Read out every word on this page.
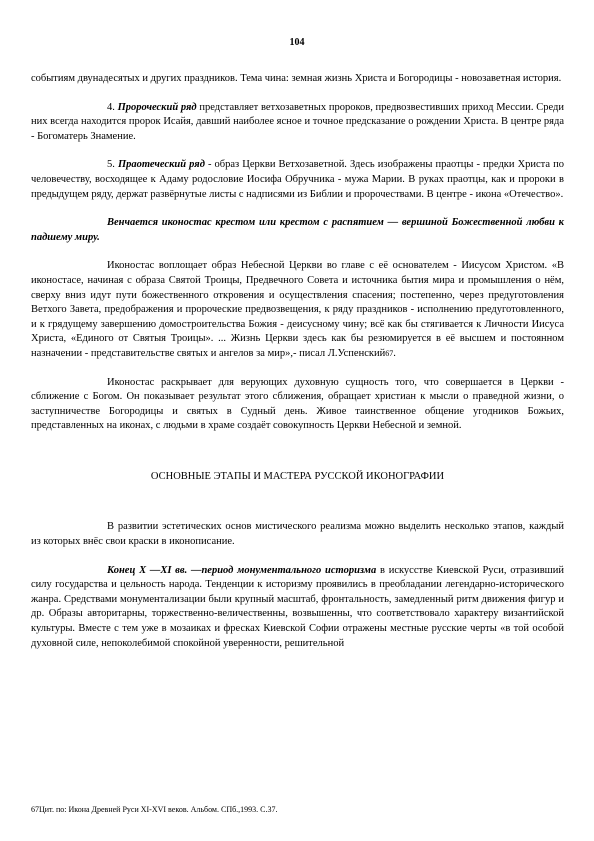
104

событиям двунадесятых и других праздников. Тема чина: земная жизнь Христа и Богородицы - новозаветная история.

4. Пророческий ряд представляет ветхозаветных пророков, предвозвестивших приход Мессии. Среди них всегда находится пророк Исайя, давший наиболее ясное и точное предсказание о рождении Христа. В центре ряда - Богоматерь Знамение.

5. Праотеческий ряд - образ Церкви Ветхозаветной. Здесь изображены праотцы - предки Христа по человечеству, восходящее к Адаму родословие Иосифа Обручника - мужа Марии. В руках праотцы, как и пророки в предыдущем ряду, держат развёрнутые листы с надписями из Библии и пророчествами. В центре - икона «Отечество».

Венчается иконостас крестом или крестом с распятием — вершиной Божественной любви к падшему миру.

Иконостас воплощает образ Небесной Церкви во главе с её основателем - Иисусом Христом. «В иконостасе, начиная с образа Святой Троицы, Предвечного Совета и источника бытия мира и промышления о нём, сверху вниз идут пути божественного откровения и осуществления спасения; постепенно, через предуготовления Ветхого Завета, предображения и пророческие предвозвещения, к ряду праздников - исполнению предуготовленного, и к грядущему завершению домостроительства Божия - деисусному чину; всё как бы стягивается к Личности Иисуса Христа, «Единого от Святыя Троицы». ... Жизнь Церкви здесь как бы резюмируется в её высшем и постоянном назначении - представительстве святых и ангелов за мир»,- писал Л.Успенский67.

Иконостас раскрывает для верующих духовную сущность того, что совершается в Церкви - сближение с Богом. Он показывает результат этого сближения, обращает христиан к мысли о праведной жизни, о заступничестве Богородицы и святых в Судный день. Живое таинственное общение угодников Божьих, представленных на иконах, с людьми в храме создаёт совокупность Церкви Небесной и земной.

ОСНОВНЫЕ ЭТАПЫ И МАСТЕРА РУССКОЙ ИКОНОГРАФИИ

В развитии эстетических основ мистического реализма можно выделить несколько этапов, каждый из которых внёс свои краски в иконописание.

Конец X —XI вв. —период монументального историзма в искусстве Киевской Руси, отразивший силу государства и цельность народа. Тенденции к историзму проявились в преобладании легендарно-исторического жанра. Средствами монументализации были крупный масштаб, фронтальность, замедленный ритм движения фигур и др. Образы авторитарны, торжественно-величественны, возвышенны, что соответствовало характеру византийской культуры. Вместе с тем уже в мозаиках и фресках Киевской Софии отражены местные русские черты «в той особой духовной силе, непоколебимой спокойной уверенности, решительной

67Цит. по: Икона Древней Руси XI-XVI веков. Альбом. СПб.,1993. С.37.
